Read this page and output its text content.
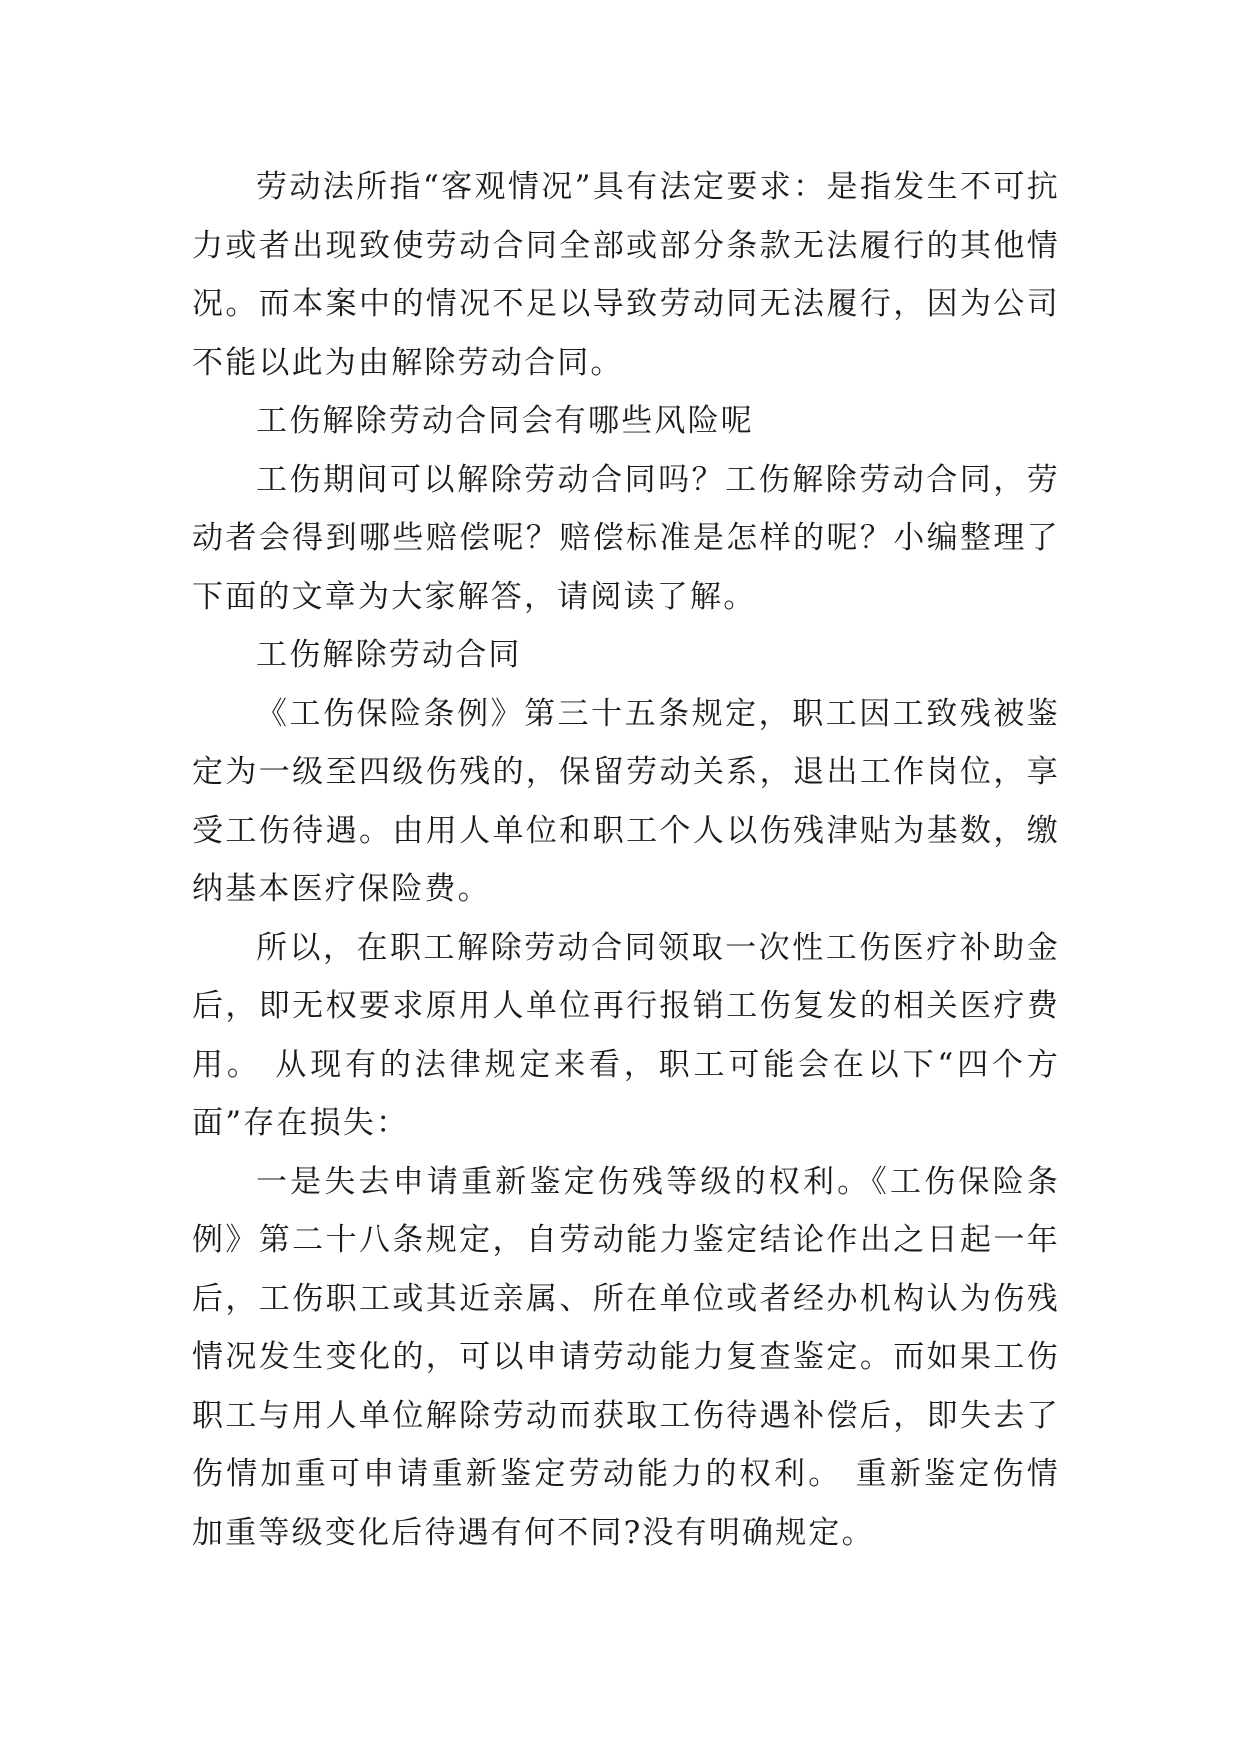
劳动法所指“客观情况”具有法定要求：是指发生不可抗力或者出现致使劳动合同全部或部分条款无法履行的其他情况。而本案中的情况不足以导致劳动同无法履行，因为公司不能以此为由解除劳动合同。

工伤解除劳动合同会有哪些风险呢

工伤期间可以解除劳动合同吗？工伤解除劳动合同，劳动者会得到哪些赔偿呢？赔偿标准是怎样的呢？小编整理了下面的文章为大家解答，请阅读了解。

工伤解除劳动合同

《工伤保险条例》第三十五条规定，职工因工致残被鉴定为一级至四级伤残的，保留劳动关系，退出工作岗位，享受工伤待遇。由用人单位和职工个人以伤残津贴为基数，缴纳基本医疗保险费。

所以，在职工解除劳动合同领取一次性工伤医疗补助金后，即无权要求原用人单位再行报销工伤复发的相关医疗费用。 从现有的法律规定来看，职工可能会在以下“四个方面”存在损失：

一是失去申请重新鉴定伤残等级的权利。《工伤保险条例》第二十八条规定，自劳动能力鉴定结论作出之日起一年后，工伤职工或其近亲属、所在单位或者经办机构认为伤残情况发生变化的，可以申请劳动能力复查鉴定。而如果工伤职工与用人单位解除劳动而获取工伤待遇补偿后，即失去了伤情加重可申请重新鉴定劳动能力的权利。 重新鉴定伤情加重等级变化后待遇有何不同?没有明确规定。
